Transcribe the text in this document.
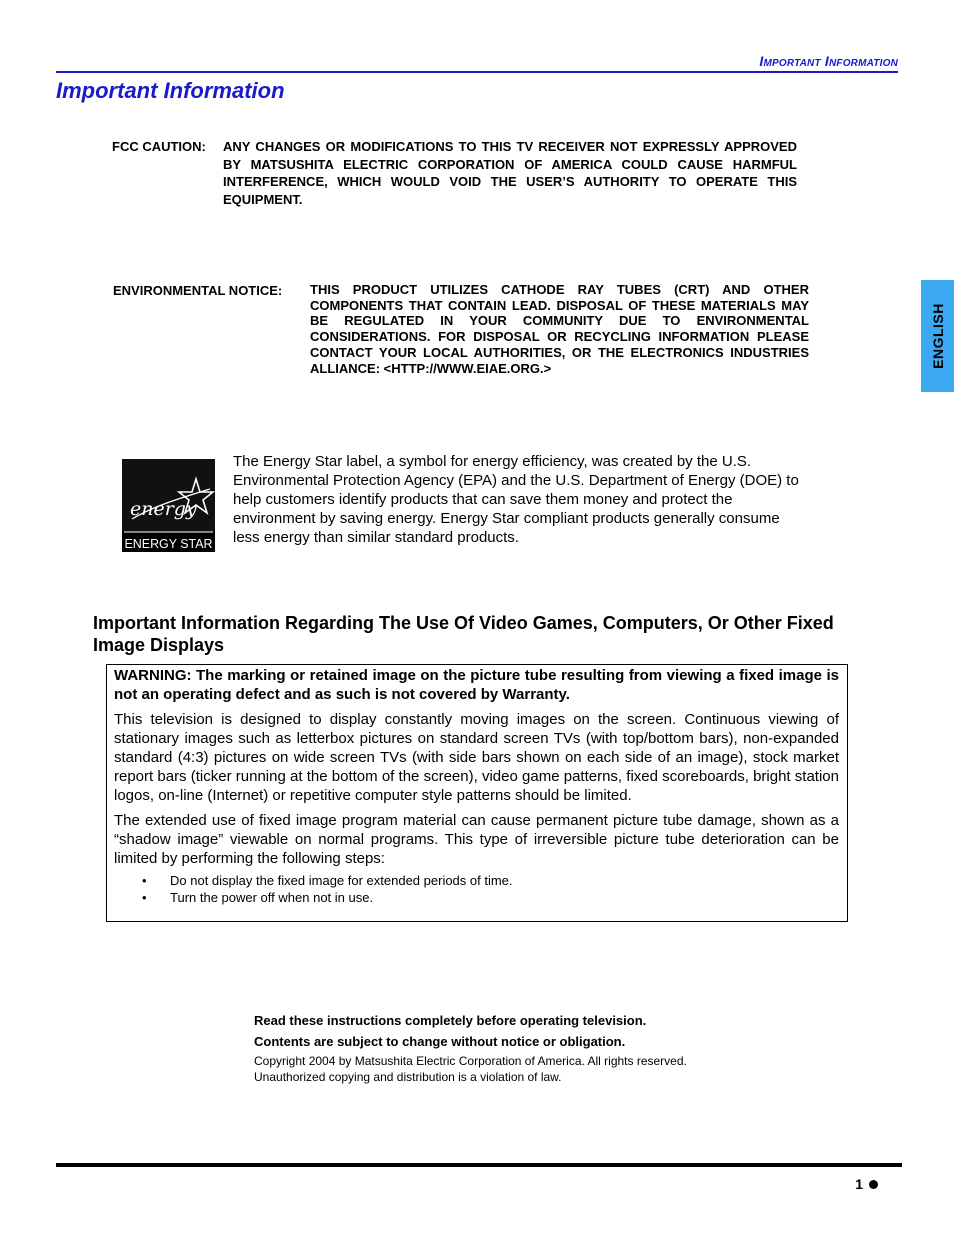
Important Information
Important Information
FCC CAUTION: ANY CHANGES OR MODIFICATIONS TO THIS TV RECEIVER NOT EXPRESSLY APPROVED BY MATSUSHITA ELECTRIC CORPORATION OF AMERICA COULD CAUSE HARMFUL INTERFERENCE, WHICH WOULD VOID THE USER’S AUTHORITY TO OPERATE THIS EQUIPMENT.
ENVIRONMENTAL NOTICE: THIS PRODUCT UTILIZES CATHODE RAY TUBES (CRT) AND OTHER COMPONENTS THAT CONTAIN LEAD. DISPOSAL OF THESE MATERIALS MAY BE REGULATED IN YOUR COMMUNITY DUE TO ENVIRONMENTAL CONSIDERATIONS. FOR DISPOSAL OR RECYCLING INFORMATION PLEASE CONTACT YOUR LOCAL AUTHORITIES, OR THE ELECTRONICS INDUSTRIES ALLIANCE: <HTTP://WWW.EIAE.ORG.>	ENGLISH
energy
ENERGY STAR
The Energy Star label, a symbol for energy efficiency, was created by the U.S. Environmental Protection Agency (EPA) and the U.S. Department of Energy (DOE) to help customers identify products that can save them money and protect the environment by saving energy. Energy Star compliant products generally consume less energy than similar standard products.
Important Information Regarding The Use Of Video Games, Computers, Or Other Fixed Image Displays

WARNING: The marking or retained image on the picture tube resulting from viewing a fixed image is not an operating defect and as such is not covered by Warranty.

This television is designed to display constantly moving images on the screen. Continuous viewing of stationary images such as letterbox pictures on standard screen TVs (with top/bottom bars), non-expanded standard (4:3) pictures on wide screen TVs (with side bars shown on each side of an image), stock market report bars (ticker running at the bottom of the screen), video game patterns, fixed scoreboards, bright station logos, on-line (Internet) or repetitive computer style patterns should be limited.

The extended use of fixed image program material can cause permanent picture tube damage, shown as a “shadow image” viewable on normal programs. This type of irreversible picture tube deterioration can be limited by performing the following steps:

• Do not display the fixed image for extended periods of time.
• Turn the power off when not in use.
Read these instructions completely before operating television.
Contents are subject to change without notice or obligation.
Copyright 2004 by Matsushita Electric Corporation of America. All rights reserved.
Unauthorized copying and distribution is a violation of law.
1
